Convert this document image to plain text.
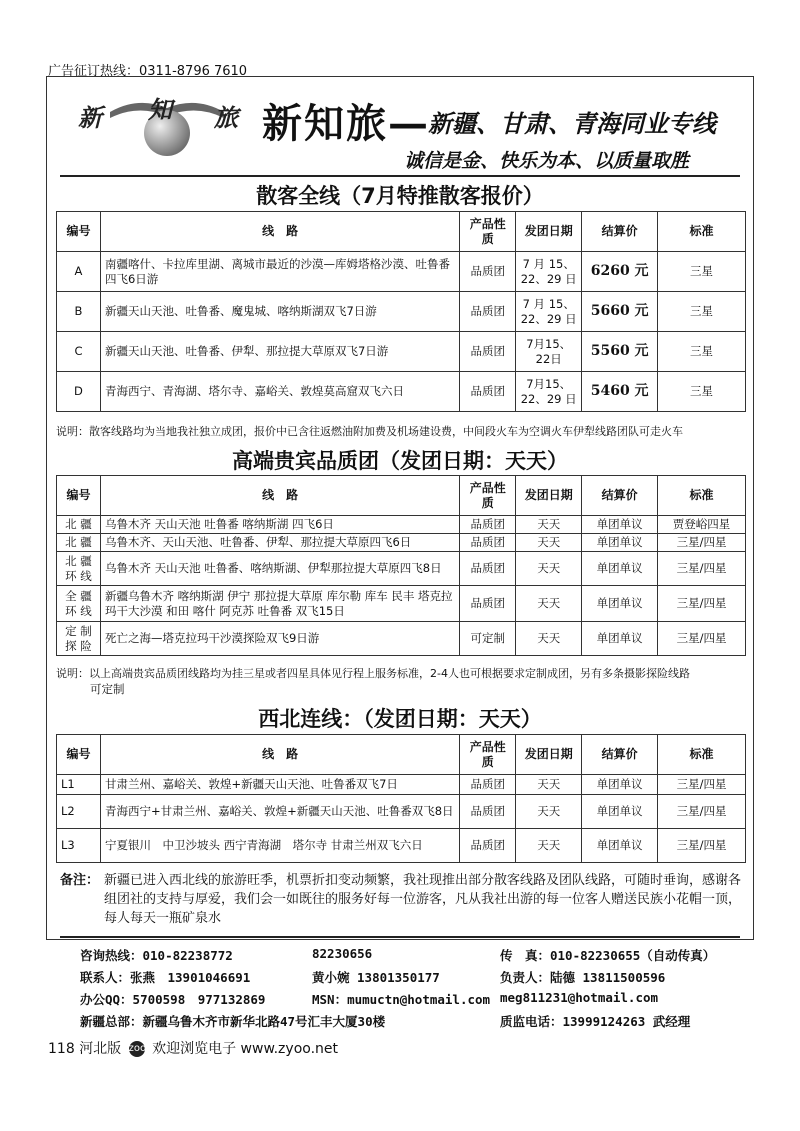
广告征订热线：0311-8796 7610
新 知 旅 新知旅—
新疆、甘肃、青海同业专线
诚信是金、快乐为本、以质量取胜
散客全线（7月特推散客报价）
编号	线　路	产品性质	发团日期	结算价	标准
A	南疆喀什、卡拉库里湖、离城市最近的沙漠—库姆塔格沙漠、吐鲁番四飞6日游	品质团	7 月 15、22、29 日	6260 元	三星
B	新疆天山天池、吐鲁番、魔鬼城、喀纳斯湖双飞7日游	品质团	7 月 15、22、29 日	5660 元	三星
C	新疆天山天池、吐鲁番、伊犁、那拉提大草原双飞7日游	品质团	7月15、22日	5560 元	三星
D	青海西宁、青海湖、塔尔寺、嘉峪关、敦煌莫高窟双飞六日	品质团	7月15、22、29 日	5460 元	三星
说明：散客线路均为当地我社独立成团，报价中已含往返燃油附加费及机场建设费，中间段火车为空调火车伊犁线路团队可走火车
高端贵宾品质团（发团日期：天天）
编号	线　路	产品性质	发团日期	结算价	标准
北 疆	乌鲁木齐 天山天池 吐鲁番 喀纳斯湖 四飞6日	品质团	天天	单团单议	贾登峪四星
北 疆	乌鲁木齐、天山天池、吐鲁番、伊犁、那拉提大草原四飞6日	品质团	天天	单团单议	三星/四星
北 疆 环 线	乌鲁木齐 天山天池 吐鲁番、喀纳斯湖、伊犁那拉提大草原四飞8日	品质团	天天	单团单议	三星/四星
全 疆 环 线	新疆乌鲁木齐 喀纳斯湖 伊宁 那拉提大草原 库尔勒 库车 民丰 塔克拉玛干大沙漠 和田 喀什 阿克苏 吐鲁番 双飞15日	品质团	天天	单团单议	三星/四星
定 制 探 险	死亡之海—塔克拉玛干沙漠探险双飞9日游	可定制	天天	单团单议	三星/四星
说明：以上高端贵宾品质团线路均为挂三星或者四星具体见行程上服务标准，2-4人也可根据要求定制成团，另有多条摄影探险线路
可定制
西北连线：（发团日期：天天）
编号	线　路	产品性质	发团日期	结算价	标准
L1	甘肃兰州、嘉峪关、敦煌+新疆天山天池、吐鲁番双飞7日	品质团	天天	单团单议	三星/四星
L2	青海西宁+甘肃兰州、嘉峪关、敦煌+新疆天山天池、吐鲁番双飞8日	品质团	天天	单团单议	三星/四星
L3	宁夏银川　中卫沙坡头 西宁青海湖　塔尔寺 甘肃兰州双飞六日	品质团	天天	单团单议	三星/四星
备注： 新疆已进入西北线的旅游旺季，机票折扣变动频繁，我社现推出部分散客线路及团队线路，可随时垂询，感谢各组团社的支持与厚爱，我们会一如既往的服务好每一位游客，凡从我社出游的每一位客人赠送民族小花帽一顶，每人每天一瓶矿泉水
咨询热线：010-82238772	82230656	传　真：010-82230655（自动传真）
联系人：张燕　13901046691	黄小婉 13801350177	负责人：陆德 13811500596
办公QQ：5700598　977132869	MSN：mumuctn@hotmail.com meg811231@hotmail.com
新疆总部：新疆乌鲁木齐市新华北路47号汇丰大厦30楼	质监电话：13999124263 武经理
118 河北版 zoo 欢迎浏览电子 www.zyoo.net
